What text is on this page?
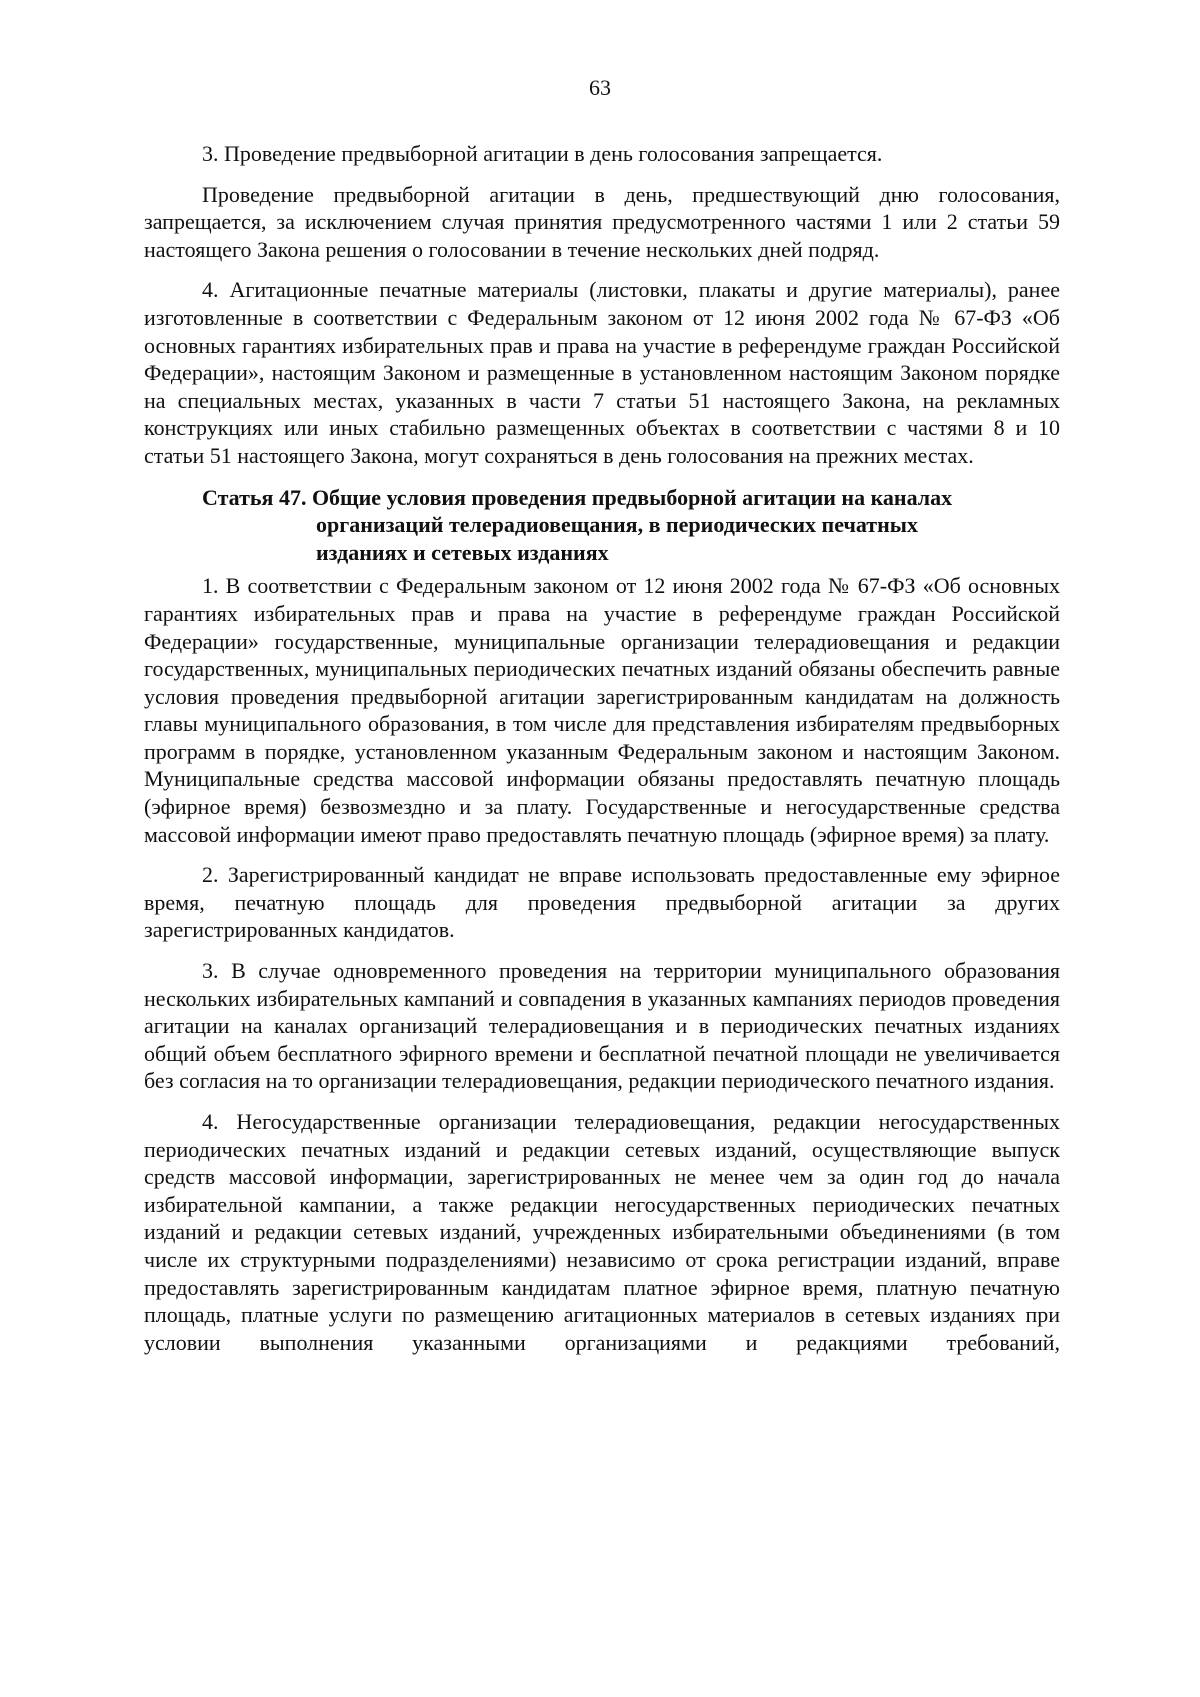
63

3. Проведение предвыборной агитации в день голосования запрещается.

Проведение предвыборной агитации в день, предшествующий дню голосования, запрещается, за исключением случая принятия предусмотренного частями 1 или 2 статьи 59 настоящего Закона решения о голосовании в течение нескольких дней подряд.

4. Агитационные печатные материалы (листовки, плакаты и другие материалы), ранее изготовленные в соответствии с Федеральным законом от 12 июня 2002 года № 67-ФЗ «Об основных гарантиях избирательных прав и права на участие в референдуме граждан Российской Федерации», настоящим Законом и размещенные в установленном настоящим Законом порядке на специальных местах, указанных в части 7 статьи 51 настоящего Закона, на рекламных конструкциях или иных стабильно размещенных объектах в соответствии с частями 8 и 10 статьи 51 настоящего Закона, могут сохраняться в день голосования на прежних местах.

Статья 47. Общие условия проведения предвыборной агитации на каналах
организаций телерадиовещания, в периодических печатных
изданиях и сетевых изданиях

1. В соответствии с Федеральным законом от 12 июня 2002 года № 67-ФЗ «Об основных гарантиях избирательных прав и права на участие в референдуме граждан Российской Федерации» государственные, муниципальные организации телерадиовещания и редакции государственных, муниципальных периодических печатных изданий обязаны обеспечить равные условия проведения предвыборной агитации зарегистрированным кандидатам на должность главы муниципального образования, в том числе для представления избирателям предвыборных программ в порядке, установленном указанным Федеральным законом и настоящим Законом. Муниципальные средства массовой информации обязаны предоставлять печатную площадь (эфирное время) безвозмездно и за плату. Государственные и негосударственные средства массовой информации имеют право предоставлять печатную площадь (эфирное время) за плату.

2. Зарегистрированный кандидат не вправе использовать предоставленные ему эфирное время, печатную площадь для проведения предвыборной агитации за других зарегистрированных кандидатов.

3. В случае одновременного проведения на территории муниципального образования нескольких избирательных кампаний и совпадения в указанных кампаниях периодов проведения агитации на каналах организаций телерадиовещания и в периодических печатных изданиях общий объем бесплатного эфирного времени и бесплатной печатной площади не увеличивается без согласия на то организации телерадиовещания, редакции периодического печатного издания.

4. Негосударственные организации телерадиовещания, редакции негосударственных периодических печатных изданий и редакции сетевых изданий, осуществляющие выпуск средств массовой информации, зарегистрированных не менее чем за один год до начала избирательной кампании, а также редакции негосударственных периодических печатных изданий и редакции сетевых изданий, учрежденных избирательными объединениями (в том числе их структурными подразделениями) независимо от срока регистрации изданий, вправе предоставлять зарегистрированным кандидатам платное эфирное время, платную печатную площадь, платные услуги по размещению агитационных материалов в сетевых изданиях при условии выполнения указанными организациями и редакциями требований,
